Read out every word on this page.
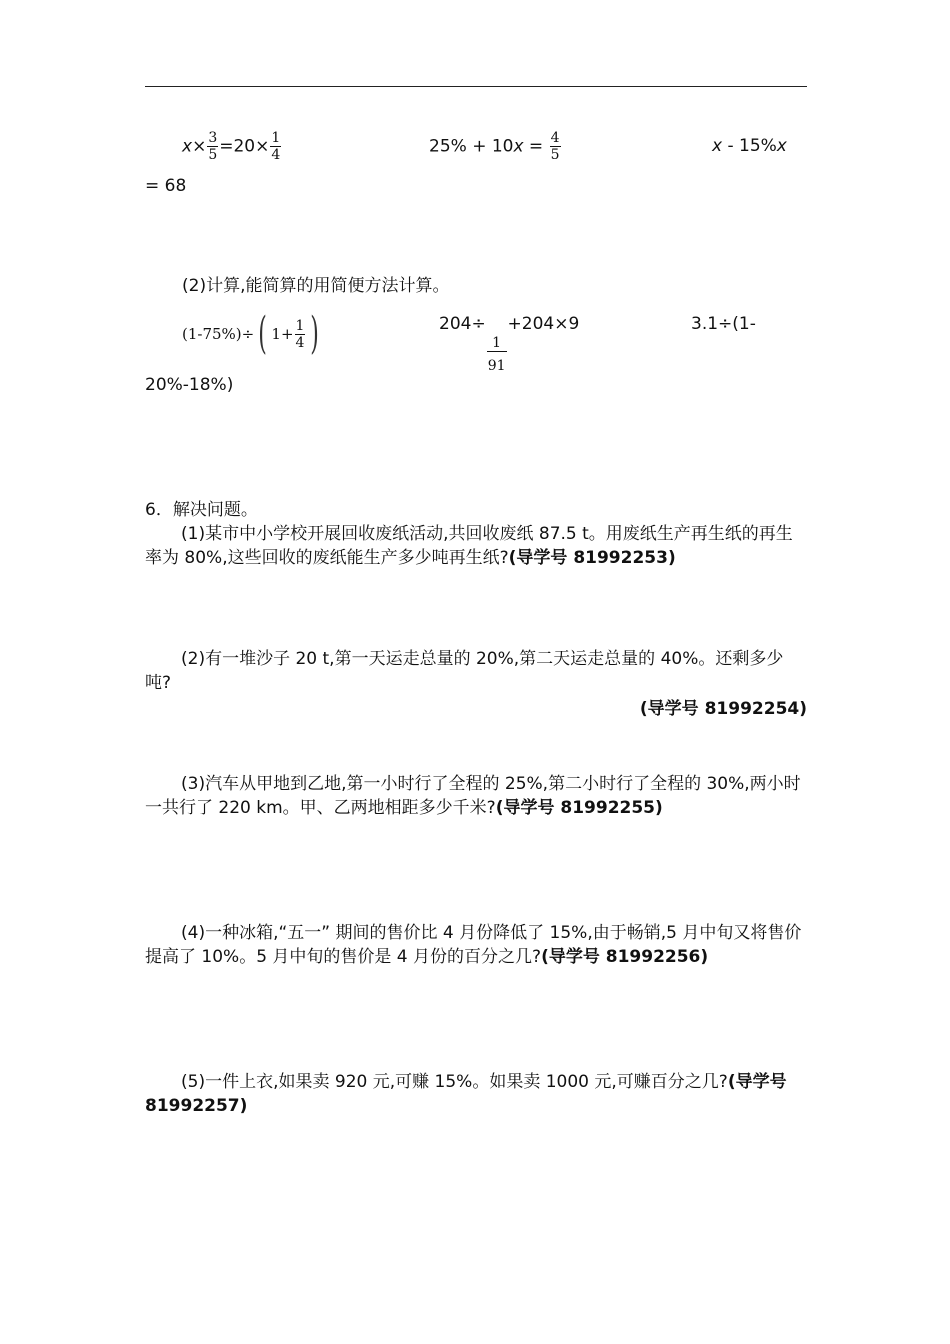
$x\times \frac{3}{5} =20\times \frac{1}{4}$	$25\% + 10x = \frac{4}{5}$	x - 15%x
= 68
(2)计算,能简算的用简便方法计算。
(1-75%)÷ ( $1+ \frac{1}{4}$ )	204÷
$\frac{1}{91}$
+204×9	3.1÷(1-
20%-18%)
6．解决问题。
(1)某市中小学校开展回收废纸活动,共回收废纸 87.5 t。用废纸生产再生纸的再生率为 80%,这些回收的废纸能生产多少吨再生纸?(导学号 81992253)
(2)有一堆沙子 20 t,第一天运走总量的 20%,第二天运走总量的 40%。还剩多少吨?
(导学号 81992254)
(3)汽车从甲地到乙地,第一小时行了全程的 25%,第二小时行了全程的 30%,两小时一共行了 220 km。甲、乙两地相距多少千米?(导学号 81992255)
(4)一种冰箱,“五一” 期间的售价比 4 月份降低了 15%,由于畅销,5 月中旬又将售价提高了 10%。5 月中旬的售价是 4 月份的百分之几?(导学号 81992256)
(5)一件上衣,如果卖 920 元,可赚 15%。如果卖 1000 元,可赚百分之几?(导学号 81992257)
